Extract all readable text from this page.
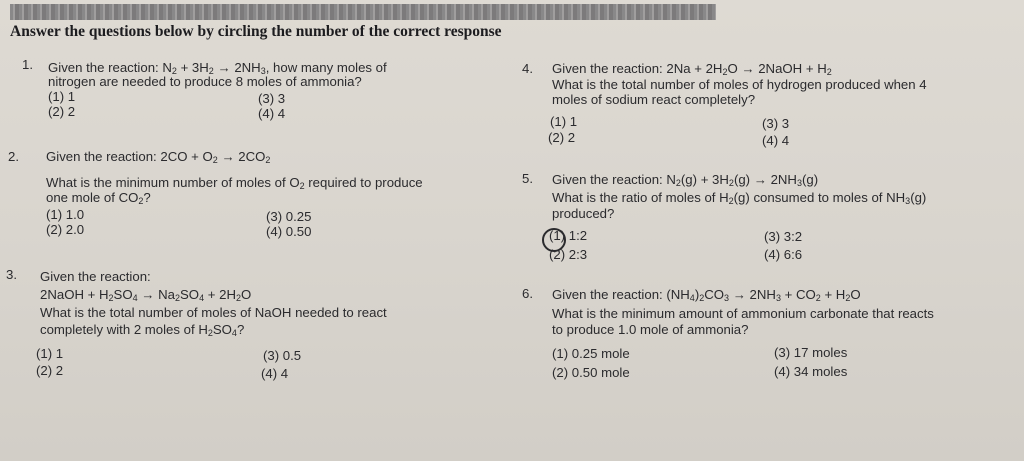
Answer the questions below by circling the number of the correct response
1. Given the reaction: $N_2 + 3H_2 \to 2NH_3$, how many moles of
nitrogen are needed to produce 8 moles of ammonia?
(1) 1
(2) 2
(3) 3
(4) 4
2. Given the reaction: $2CO + O_2 \to 2CO_2$
What is the minimum number of moles of $O_2$ required to produce
one mole of $CO_2$?
(1) 1.0
(2) 2.0
(3) 0.25
(4) 0.50
3. Given the reaction:
2NaOH + $H_2SO_4 \to Na_2SO_4 + 2H_2O$
What is the total number of moles of NaOH needed to react
completely with 2 moles of $H_2SO_4$?
(1) 1
(2) 2
(3) 0.5
(4) 4
4. Given the reaction: $2Na + 2H_2O$ → 2NaOH + $H_2$
What is the total number of moles of hydrogen produced when 4
moles of sodium react completely?
(1) 1
(2) 2
(3) 3
(4) 4
5. Given the reaction: $N_2(g) + 3H_2(g) \to 2NH_3(g)$
What is the ratio of moles of $H_2(g)$ consumed to moles of $NH_3(g)$
produced?
(1) 1:2
(2) 2:3
(3) 3:2
(4) 6:6
6. Given the reaction: $(NH_4)_2CO_3 \to 2NH_3 + CO_2 + H_2O$
What is the minimum amount of ammonium carbonate that reacts
to produce 1.0 mole of ammonia?
(1) 0.25 mole
(2) 0.50 mole
(3) 17 moles
(4) 34 moles
